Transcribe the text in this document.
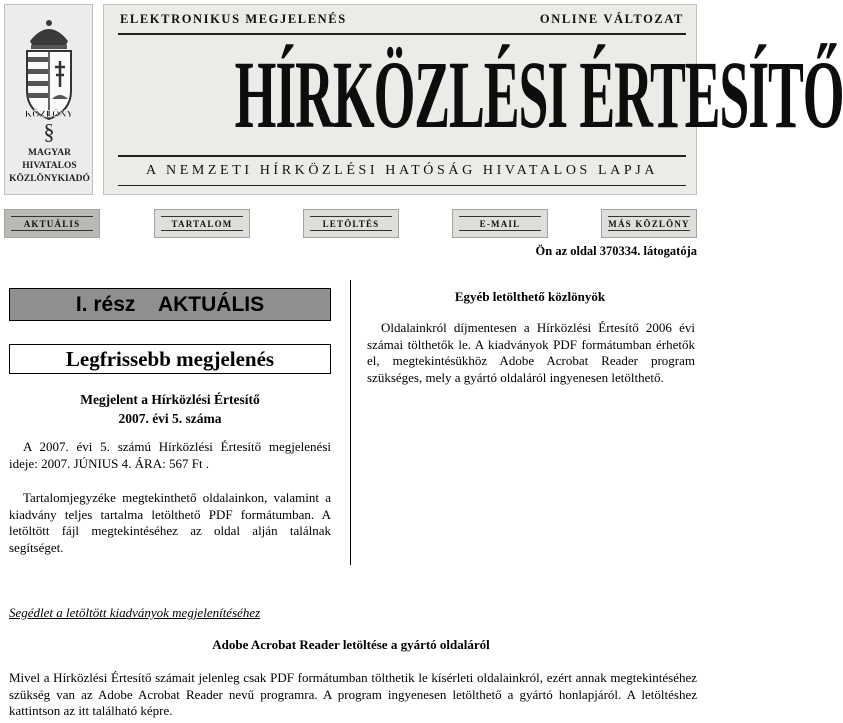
KÖZLÖNY
§
MAGYAR
HIVATALOS
KÖZLÖNYKIADÓ
ELEKTRONIKUS MEGJELENÉS	ONLINE VÁLTOZAT
HÍRKÖZLÉSI ÉRTESÍTŐ
A NEMZETI HÍRKÖZLÉSI HATÓSÁG HIVATALOS LAPJA
AKTUÁLIS	TARTALOM	LETÖLTÉS	E-MAIL	MÁS KÖZLÖNY
Ön az oldal 370334. látogatója
I. rész    AKTUÁLIS
Legfrissebb megjelenés
Megjelent a Hírközlési Értesítő
2007. évi 5. száma

A 2007. évi 5. számú Hírközlési Értesítő megjelenési ideje: 2007. JÚNIUS 4. ÁRA: 567 Ft .

Tartalomjegyzéke megtekinthető oldalainkon, valamint a kiadvány teljes tartalma letölthető PDF formátumban. A letöltött fájl megtekintéséhez az oldal alján találnak segítséget.

Egyéb letölthető közlönyök

Oldalainkról díjmentesen a Hírközlési Értesítő 2006 évi számai tölthetők le. A kiadványok PDF formátumban érhetők el, megtekintésükhöz Adobe Acrobat Reader program szükséges, mely a gyártó oldaláról ingyenesen letölthető.

Segédlet a letöltött kiadványok megjelenítéséhez
Adobe Acrobat Reader letöltése a gyártó oldaláról

Mivel a Hírközlési Értesítő számait jelenleg csak PDF formátumban tölthetik le kísérleti oldalainkról, ezért annak megtekintéséhez szükség van az Adobe Acrobat Reader nevű programra. A program ingyenesen letölthető a gyártó honlapjáról. A letöltéshez kattintson az itt található képre.
